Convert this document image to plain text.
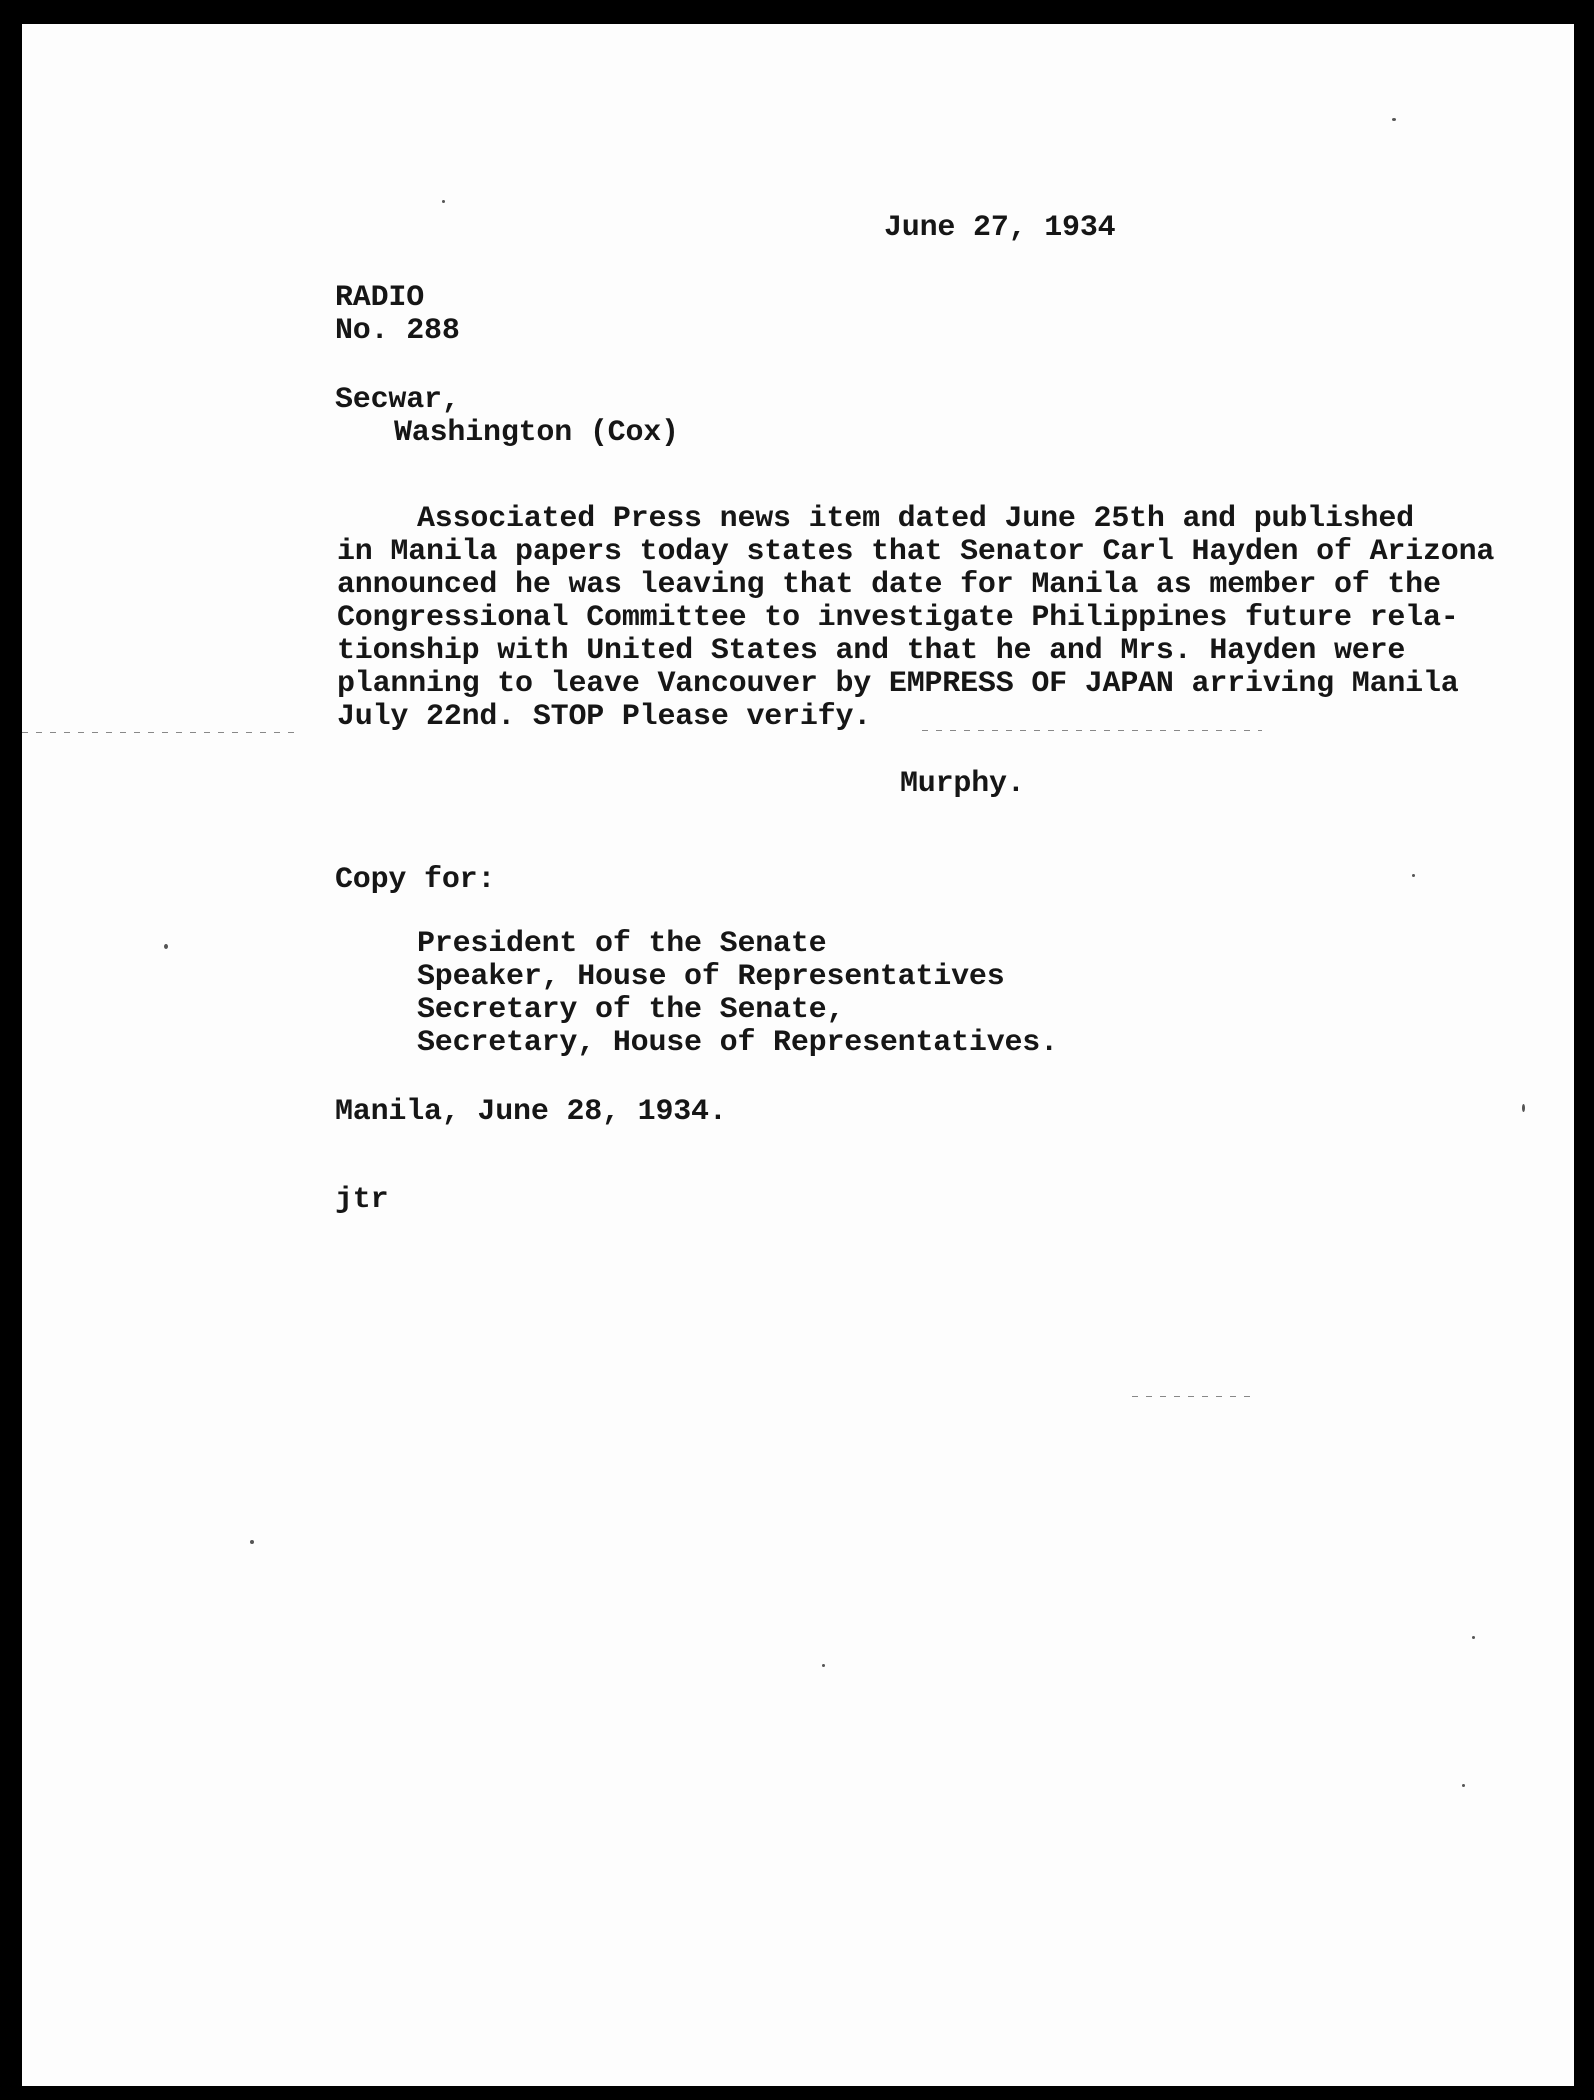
June 27, 1934
RADIO
No. 288
Secwar,
Washington (Cox)
Associated Press news item dated June 25th and published
in Manila papers today states that Senator Carl Hayden of Arizona
announced he was leaving that date for Manila as member of the
Congressional Committee to investigate Philippines future rela-
tionship with United States and that he and Mrs. Hayden were
planning to leave Vancouver by EMPRESS OF JAPAN arriving Manila
July 22nd. STOP Please verify.
Murphy.
Copy for:
President of the Senate
Speaker, House of Representatives
Secretary of the Senate,
Secretary, House of Representatives.
Manila, June 28, 1934.
jtr
